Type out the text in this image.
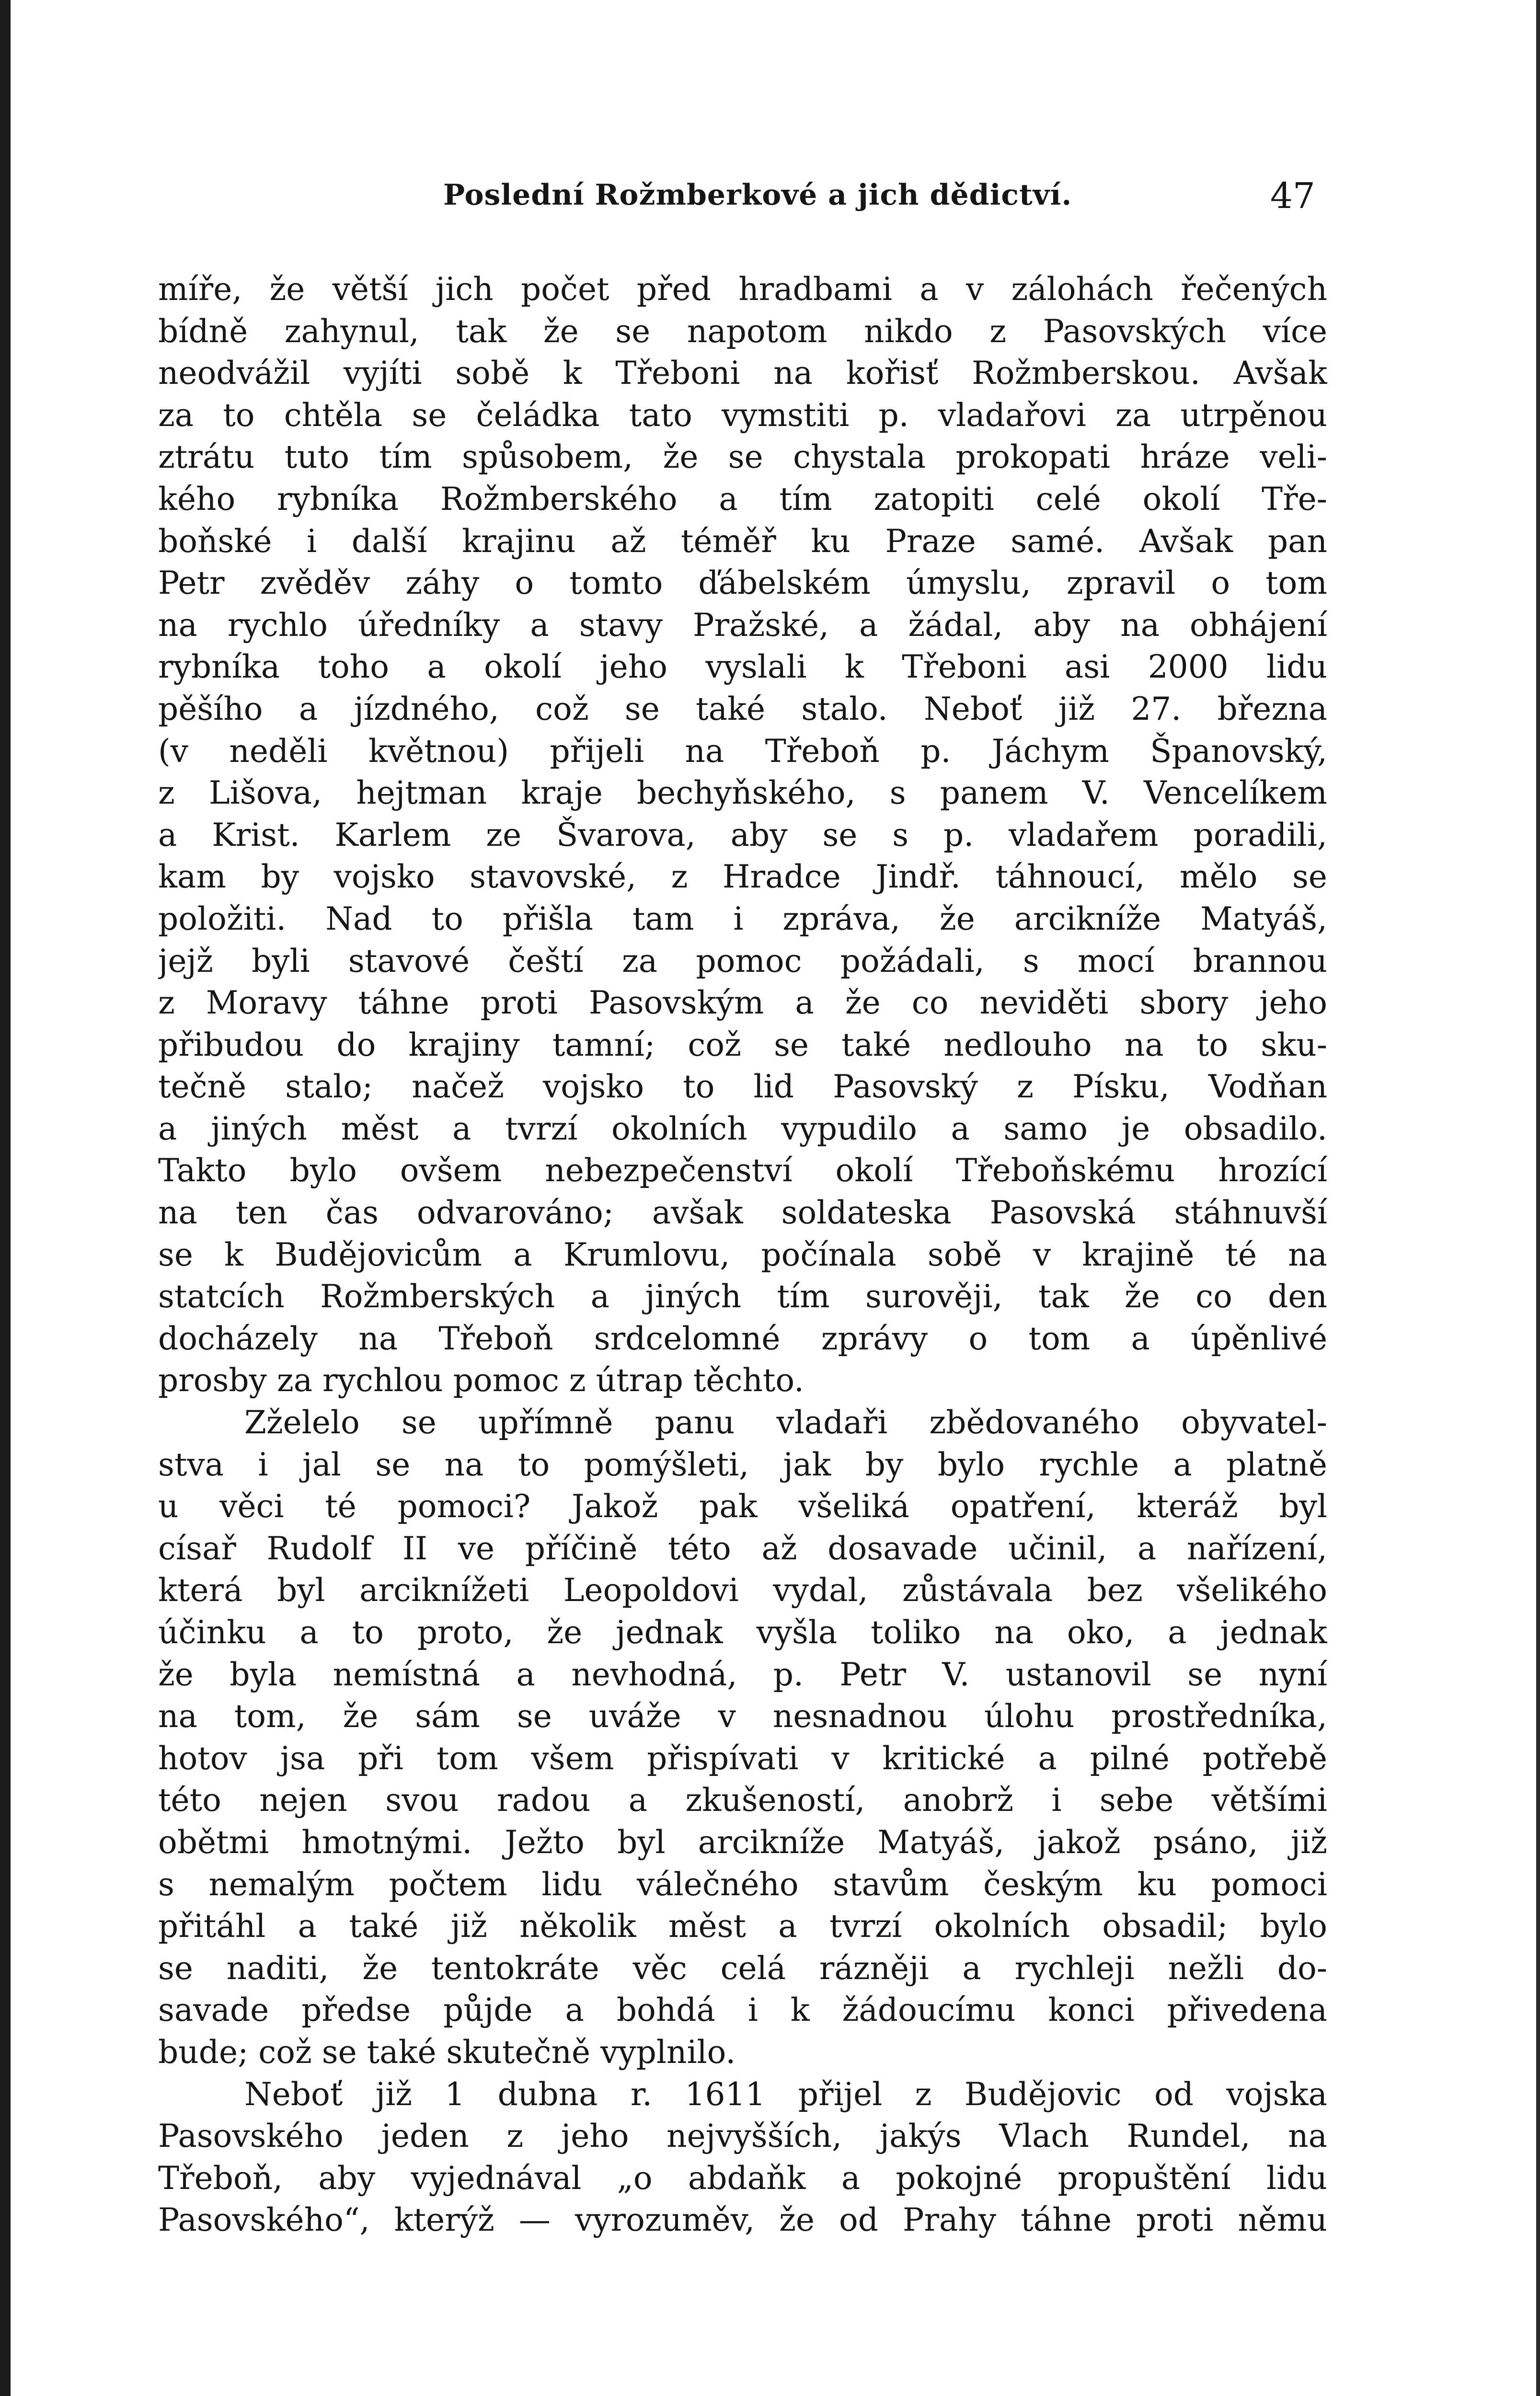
Poslední Rožmberkové a jich dědictví.	47
míře, že větší jich počet před hradbami a v zálohách řečených
bídně zahynul, tak že se napotom nikdo z Pasovských více
neodvážil vyjíti sobě k Třeboni na kořisť Rožmberskou. Avšak
za to chtěla se čeládka tato vymstiti p. vladařovi za utrpěnou
ztrátu tuto tím spůsobem, že se chystala prokopati hráze veli-
kého rybníka Rožmberského a tím zatopiti celé okolí Tře-
boňské i další krajinu až téměř ku Praze samé. Avšak pan
Petr zvěděv záhy o tomto ďábelském úmyslu, zpravil o tom
na rychlo úředníky a stavy Pražské, a žádal, aby na obhájení
rybníka toho a okolí jeho vyslali k Třeboni asi 2000 lidu
pěšího a jízdného, což se také stalo. Neboť již 27. března
(v neděli květnou) přijeli na Třeboň p. Jáchym Španovský,
z Lišova, hejtman kraje bechyňského, s panem V. Vencelíkem
a Krist. Karlem ze Švarova, aby se s p. vladařem poradili,
kam by vojsko stavovské, z Hradce Jindř. táhnoucí, mělo se
položiti. Nad to přišla tam i zpráva, že arcikníže Matyáš,
jejž byli stavové čeští za pomoc požádali, s mocí brannou
z Moravy táhne proti Pasovským a že co neviděti sbory jeho
přibudou do krajiny tamní; což se také nedlouho na to sku-
tečně stalo; načež vojsko to lid Pasovský z Písku, Vodňan
a jiných měst a tvrzí okolních vypudilo a samo je obsadilo.
Takto bylo ovšem nebezpečenství okolí Třeboňskému hrozící
na ten čas odvarováno; avšak soldateska Pasovská stáhnuvší
se k Budějovicům a Krumlovu, počínala sobě v krajině té na
statcích Rožmberských a jiných tím surověji, tak že co den
docházely na Třeboň srdcelomné zprávy o tom a úpěnlivé
prosby za rychlou pomoc z útrap těchto.
Zželelo se upřímně panu vladaři zbědovaného obyvatel-
stva i jal se na to pomýšleti, jak by bylo rychle a platně
u věci té pomoci? Jakož pak všeliká opatření, kteráž byl
císař Rudolf II ve příčině této až dosavade učinil, a nařízení,
která byl arciknížeti Leopoldovi vydal, zůstávala bez všelikého
účinku a to proto, že jednak vyšla toliko na oko, a jednak
že byla nemístná a nevhodná, p. Petr V. ustanovil se nyní
na tom, že sám se uváže v nesnadnou úlohu prostředníka,
hotov jsa při tom všem přispívati v kritické a pilné potřebě
této nejen svou radou a zkušeností, anobrž i sebe většími
obětmi hmotnými. Ježto byl arcikníže Matyáš, jakož psáno, již
s nemalým počtem lidu válečného stavům českým ku pomoci
přitáhl a také již několik měst a tvrzí okolních obsadil; bylo
se naditi, že tentokráte věc celá rázněji a rychleji nežli do-
savade předse půjde a bohdá i k žádoucímu konci přivedena
bude; což se také skutečně vyplnilo.
Neboť již 1 dubna r. 1611 přijel z Budějovic od vojska
Pasovského jeden z jeho nejvyšších, jakýs Vlach Rundel, na
Třeboň, aby vyjednával „o abdaňk a pokojné propuštění lidu
Pasovského“, kterýž — vyrozuměv, že od Prahy táhne proti němu
